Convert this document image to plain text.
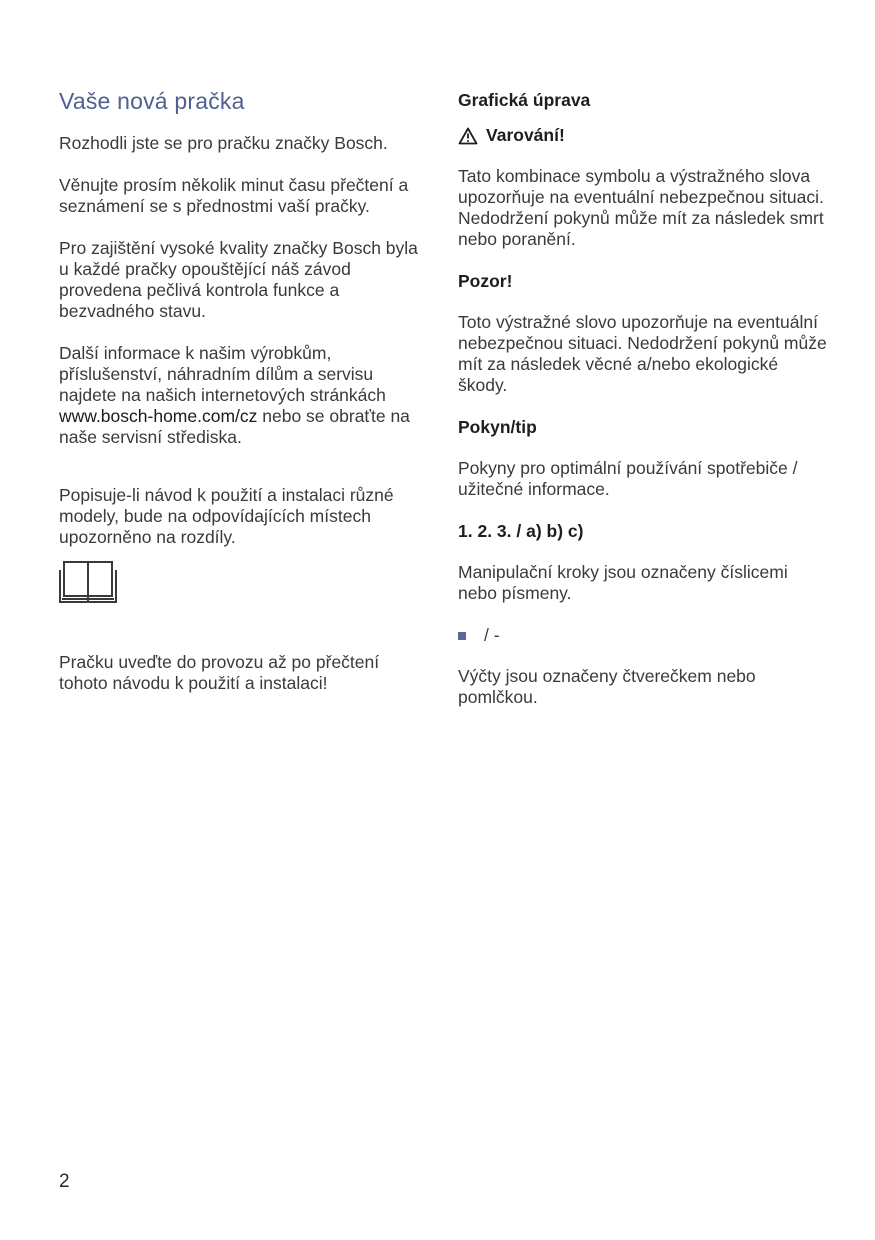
Vaše nová pračka

Rozhodli jste se pro pračku značky Bosch.

Věnujte prosím několik minut času přečtení a seznámení se s přednostmi vaší pračky.

Pro zajištění vysoké kvality značky Bosch byla u každé pračky opouštějící náš závod provedena pečlivá kontrola funkce a bezvadného stavu.

Další informace k našim výrobkům, příslušenství, náhradním dílům a servisu najdete na našich internetových stránkách www.bosch-home.com/cz nebo se obraťte na naše servisní střediska.

Popisuje-li návod k použití a instalaci různé modely, bude na odpovídajících místech upozorněno na rozdíly.

Pračku uveďte do provozu až po přečtení tohoto návodu k použití a instalaci!

Grafická úprava
Varování!

Tato kombinace symbolu a výstražného slova upozorňuje na eventuální nebezpečnou situaci. Nedodržení pokynů může mít za následek smrt nebo poranění.

Pozor!

Toto výstražné slovo upozorňuje na eventuální nebezpečnou situaci. Nedodržení pokynů může mít za následek věcné a/nebo ekologické škody.

Pokyn/tip

Pokyny pro optimální používání spotřebiče / užitečné informace.

1. 2. 3. / a) b) c)

Manipulační kroky jsou označeny číslicemi nebo písmeny.

/ -

Výčty jsou označeny čtverečkem nebo pomlčkou.

2
